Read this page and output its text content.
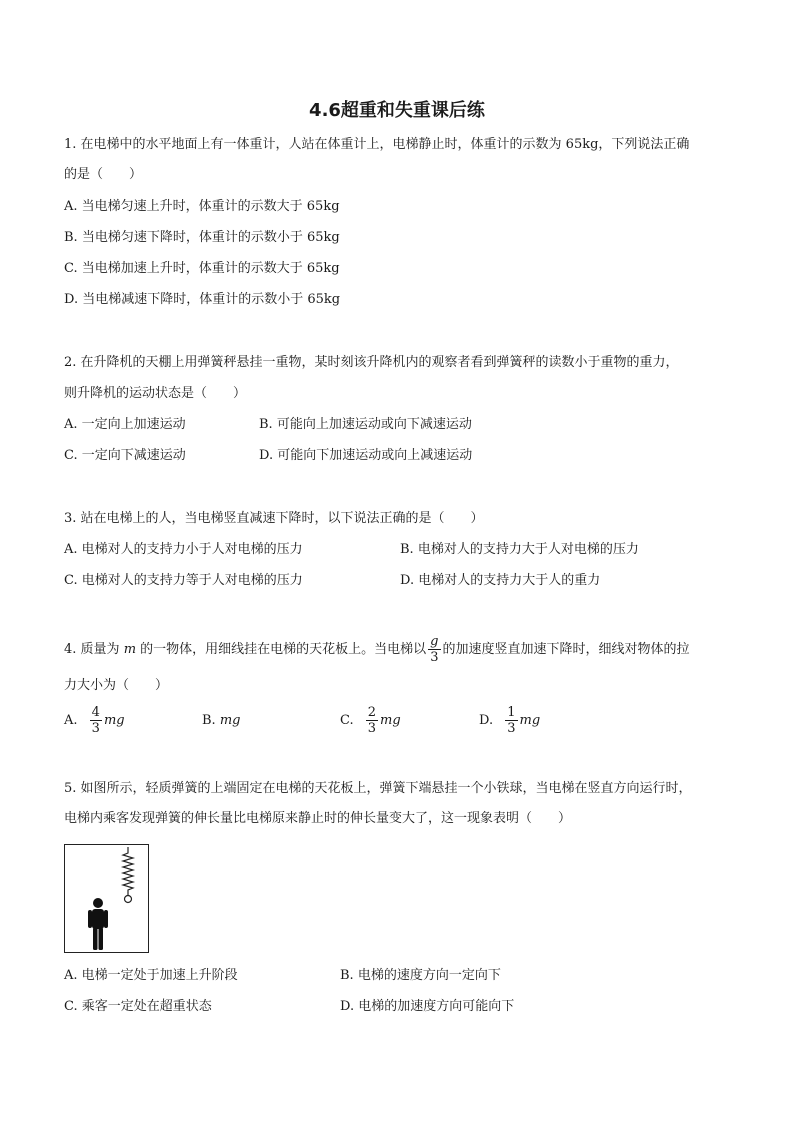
4.6超重和失重课后练
1. 在电梯中的水平地面上有一体重计，人站在体重计上，电梯静止时，体重计的示数为 65kg，下列说法正确
的是（　　）
A. 当电梯匀速上升时，体重计的示数大于 65kg
B. 当电梯匀速下降时，体重计的示数小于 65kg
C. 当电梯加速上升时，体重计的示数大于 65kg
D. 当电梯减速下降时，体重计的示数小于 65kg
2. 在升降机的天棚上用弹簧秤悬挂一重物，某时刻该升降机内的观察者看到弹簧秤的读数小于重物的重力，
则升降机的运动状态是（　　）
A. 一定向上加速运动	B. 可能向上加速运动或向下减速运动
C. 一定向下减速运动	D. 可能向下加速运动或向上减速运动
3. 站在电梯上的人，当电梯竖直减速下降时，以下说法正确的是（　　）
A. 电梯对人的支持力小于人对电梯的压力	B. 电梯对人的支持力大于人对电梯的压力
C. 电梯对人的支持力等于人对电梯的压力	D. 电梯对人的支持力大于人的重力
4. 质量为 m 的一物体，用细线挂在电梯的天花板上。当电梯以 $\frac{g}{3}$ 的加速度竖直加速下降时，细线对物体的拉
力大小为（　　）
A. $\frac{4}{3}$ mg	B. mg	C. $\frac{2}{3}$ mg	D. $\frac{1}{3}$ mg
5. 如图所示，轻质弹簧的上端固定在电梯的天花板上，弹簧下端悬挂一个小铁球，当电梯在竖直方向运行时，
电梯内乘客发现弹簧的伸长量比电梯原来静止时的伸长量变大了，这一现象表明（　　）
A. 电梯一定处于加速上升阶段	B. 电梯的速度方向一定向下
C. 乘客一定处在超重状态	D. 电梯的加速度方向可能向下
